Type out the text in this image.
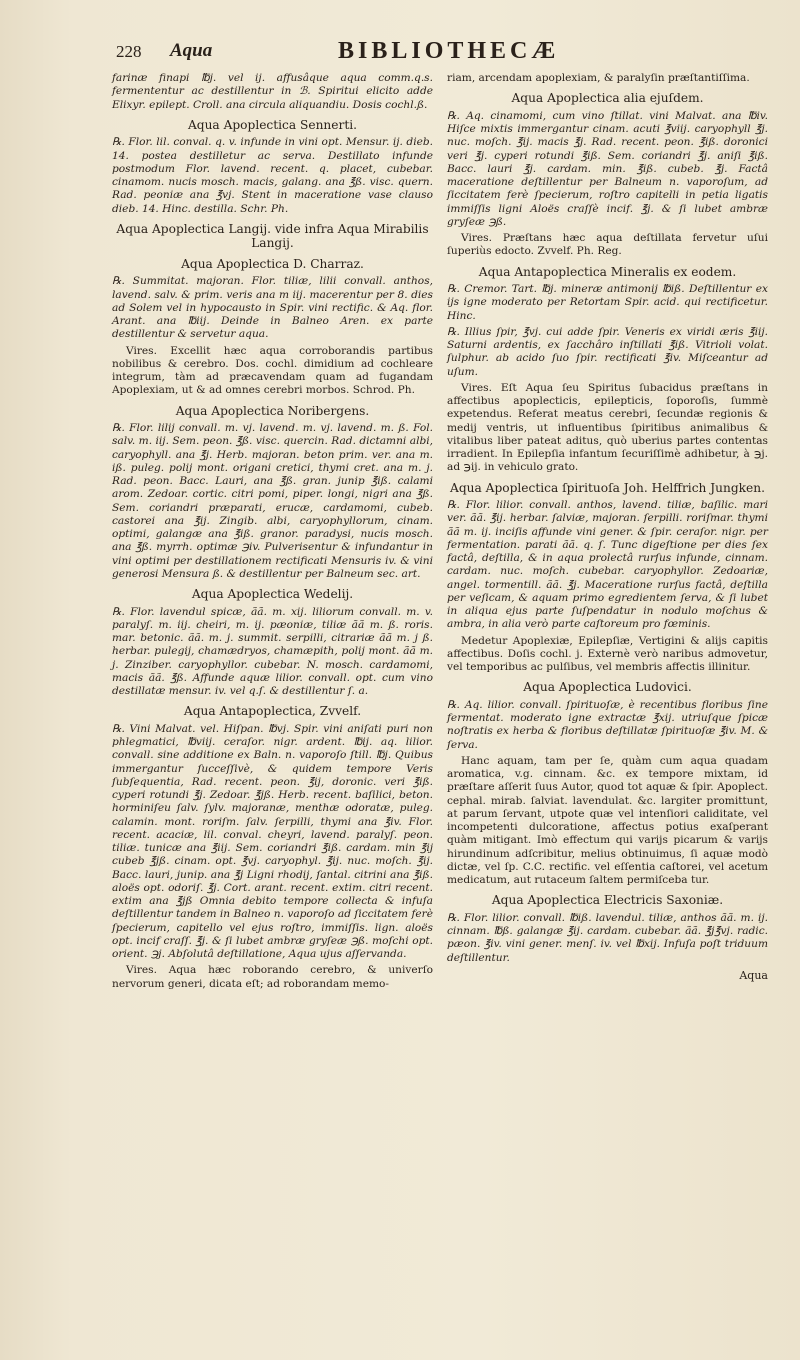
228 Aqua	BIBLIOTHECÆ

farinæ finapi ℔j. vel ij. affusâque aqua comm.q.s. fermententur ac destillentur in ℬ. Spiritui elicito adde Elixyr. epilept. Croll. ana circula aliquandiu. Dosis cochl.ß.

Aqua Apoplectica Sennerti.

℞. Flor. lil. conval. q. v. infunde in vini opt. Mensur. ij. dieb. 14. postea destilletur ac serva. Destillato infunde postmodum Flor. lavend. recent. q. placet, cubebar. cinamom. nucis mosch. macis, galang. ana ℥ß. visc. quern. Rad. peoniæ ana ℥vj. Stent in maceratione vase clauso dieb. 14. Hinc. destilla. Schr. Ph.

Aqua Apoplectica Langij. vide infra Aqua Mirabilis Langij.
Aqua Apoplectica D. Charraz.

℞. Summitat. majoran. Flor. tiliæ, lilii convall. anthos, lavend. salv. & prim. veris ana m iij. macerentur per 8. dies ad Solem vel in hypocausto in Spir. vini rectific. & Aq. flor. Arant. ana ℔iij. Deinde in Balneo Aren. ex parte destillentur & servetur aqua.

Vires. Excellit hæc aqua corroborandis partibus nobilibus & cerebro. Dos. cochl. dimidium ad cochleare integrum, tàm ad præcavendam quam ad fugandam Apoplexiam, ut & ad omnes cerebri morbos. Schrod. Ph.

Aqua Apoplectica Noribergens.

℞. Flor. lilij convall. m. vj. lavend. m. vj. lavend. m. ß. Fol. salv. m. iij. Sem. peon. ℥ß. visc. quercin. Rad. dictamni albi, caryophyll. ana ℥j. Herb. majoran. beton prim. ver. ana m. iß. puleg. polij mont. origani cretici, thymi cret. ana m. j. Rad. peon. Bacc. Lauri, ana ℥ß. gran. junip ℥iß. calami arom. Zedoar. cortic. citri pomi, piper. longi, nigri ana ℥ß. Sem. coriandri præparati, erucæ, cardamomi, cubeb. castorei ana ℥ij. Zingib. albi, caryophyllorum, cinam. optimi, galangæ ana ℥iß. granor. paradysi, nucis mosch. ana ℥ß. myrrh. optimæ ℈iv. Pulverisentur & infundantur in vini optimi per destillationem rectificati Mensuris iv. & vini generosi Mensura ß. & destillentur per Balneum sec. art.

Aqua Apoplectica Wedelij.

℞. Flor. lavendul spicæ, ãã. m. xij. liliorum convall. m. v. paralyſ. m. iij. cheiri, m. ij. pæoniæ, tiliæ ãã m. ß. roris. mar. betonic. ãã. m. j. summit. serpilli, citrariæ ãã m. j ß. herbar. pulegij, chamædryos, chamæpith, polij mont. ãã m. j. Zinziber. caryophyllor. cubebar. N. mosch. cardamomi, macis ãã. ℥ß. Affunde aquæ lilior. convall. opt. cum vino destillatæ mensur. iv. vel q.ſ. & destillentur ſ. a.

Aqua Antapoplectica, Zvvelf.

℞. Vini Malvat. vel. Hiſpan. ℔vj. Spir. vini aniſati puri non phlegmatici, ℔viij. ceraſor. nigr. ardent. ℔ij. aq. lilior. convall. sine additione ex Baln. n. vaporoſo ſtill. ℔j. Quibus immergantur ſucceſſivè, & quidem tempore Veris ſubſequentia, Rad. recent. peon. ℥ij, doronic. veri ℥iß. cyperi rotundi ℥j. Zedoar. ℥jß. Herb. recent. baſilici, beton. horminiſeu ſalv. ſylv. majoranæ, menthæ odoratæ, puleg. calamin. mont. roriſm. ſalv. ſerpilli, thymi ana ℥iv. Flor. recent. acaciæ, lil. conval. cheyri, lavend. paralyſ. peon. tiliæ. tunicæ ana ℥iij. Sem. coriandri ℥iß. cardam. min ℥ij cubeb ℥jß. cinam. opt. ℥vj. caryophyl. ℥ij. nuc. moſch. ℥ij. Bacc. lauri, junip. ana ℥j Ligni rhodij, ſantal. citrini ana ℥iß. aloës opt. odoriſ. ℥j. Cort. arant. recent. extim. citri recent. extim ana ℥jß Omnia debito tempore collecta & infuſa deſtillentur tandem in Balneo n. vaporoſo ad ſiccitatem ferè ſpecierum, capitello vel ejus roſtro, immiſſis. lign. aloës opt. incif craſſ. ℥j. & ſi lubet ambræ gryſeæ ℈ß. moſchi opt. orient. ℈j. Abſolutâ deſtillatione, Aqua ujus aſſervanda.

Vires. Aqua hæc roborando cerebro, & univerſo nervorum generi, dicata eſt; ad roborandam memo-

riam, arcendam apoplexiam, & paralyſin præſtantiſſima.

Aqua Apoplectica alia ejuſdem.

℞. Aq. cinamomi, cum vino ſtillat. vini Malvat. ana ℔iv. Hiſce mixtis immergantur cinam. acuti ℥viij. caryophyll ℥j. nuc. moſch. ℥ij. macis ℥j. Rad. recent. peon. ℥iß. doronici veri ℥j. cyperi rotundi ℥iß. Sem. coriandri ℥j. aniſi ℥iß. Bacc. lauri ℥j. cardam. min. ℥iß. cubeb. ℥j. Factâ maceratione deſtillentur per Balneum n. vaporoſum, ad ſiccitatem ferè ſpecierum, roſtro capitelli in petia ligatis immiſſis ligni Aloës craſſè incif. ℥j. & ſi lubet ambræ gryſeæ ℈ß.

Vires. Præſtans hæc aqua deſtillata fervetur uſui ſuperiùs edocto. Zvvelf. Ph. Reg.

Aqua Antapoplectica Mineralis ex eodem.

℞. Cremor. Tart. ℔j. mineræ antimonij ℔iß. Deſtillentur ex ijs igne moderato per Retortam Spir. acid. qui rectificetur. Hinc.

℞. Illius ſpir, ℥vj. cui adde ſpir. Veneris ex viridi æris ℥iij. Saturni ardentis, ex ſacchâro inſtillati ℥iß. Vitrioli volat. ſulphur. ab acido ſuo ſpir. rectificati ℥iv. Miſceantur ad uſum.

Vires. Eſt Aqua ſeu Spiritus ſubacidus præſtans in affectibus apoplecticis, epilepticis, ſoporoſis, ſummè expetendus. Referat meatus cerebri, ſecundæ regionis & medij ventris, ut influentibus ſpiritibus animalibus & vitalibus liber pateat aditus, quò uberius partes contentas irradient. In Epilepſia infantum ſecuriſſimè adhibetur, à ℈j. ad ℈ij. in vehiculo grato.

Aqua Apoplectica ſpirituoſa Joh. Helffrich Jungken.

℞. Flor. lilior. convall. anthos, lavend. tiliæ, baſilic. mari ver. ãã. ℥ij. herbar. ſalviæ, majoran. ſerpilli. roriſmar. thymi ãã m. ij. inciſis affunde vini gener. & ſpir. ceraſor. nigr. per fermentation. parati ãã. q. ſ. Tunc digeſtione per dies ſex factâ, deſtilla, & in aqua prolectâ rurſus infunde, cinnam. cardam. nuc. moſch. cubebar. caryophyllor. Zedoariæ, angel. tormentill. ãã. ℥j. Maceratione rurſus factâ, deſtilla per veſicam, & aquam primo egredientem ſerva, & ſi lubet in aliqua ejus parte ſuſpendatur in nodulo moſchus & ambra, in alia verò parte caſtoreum pro fœminis.

Medetur Apoplexiæ, Epilepſiæ, Vertigini & alijs capitis affectibus. Doſis cochl. j. Externè verò naribus admovetur, vel temporibus ac pulſibus, vel membris affectis illinitur.

Aqua Apoplectica Ludovici.

℞. Aq. lilior. convall. ſpirituoſæ, è recentibus floribus ſine fermentat. moderato igne extractæ ℥xij. utriuſque ſpicæ noſtratis ex herba & floribus deſtillatæ ſpirituoſæ ℥iv. M. & ſerva.

Hanc aquam, tam per ſe, quàm cum aqua quadam aromatica, v.g. cinnam. &c. ex tempore mixtam, id præſtare aſſerit ſuus Autor, quod tot aquæ & ſpir. Apoplect. cephal. mirab. ſalviat. lavendulat. &c. largiter promittunt, at parum ſervant, utpote quæ vel intenſiori caliditate, vel incompetenti dulcoratione, affectus potius exaſperant quàm mitigant. Imò effectum qui varijs picarum & varijs hirundinum adſcribitur, melius obtinuimus, ſi aquæ modò dictæ, vel ſp. C.C. rectific. vel eſſentia caſtorei, vel acetum medicatum, aut rutaceum ſaltem permiſceba tur.

Aqua Apoplectica Electricis Saxoniæ.

℞. Flor. lilior. convall. ℔iß. lavendul. tiliæ, anthos ãã. m. ij. cinnam. ℔ß. galangæ ℥ij. cardam. cubebar. ãã. ℥j℥vj. radic. pæon. ℥iv. vini gener. menſ. iv. vel ℔xij. Infuſa poſt triduum deſtillentur.

Aqua
